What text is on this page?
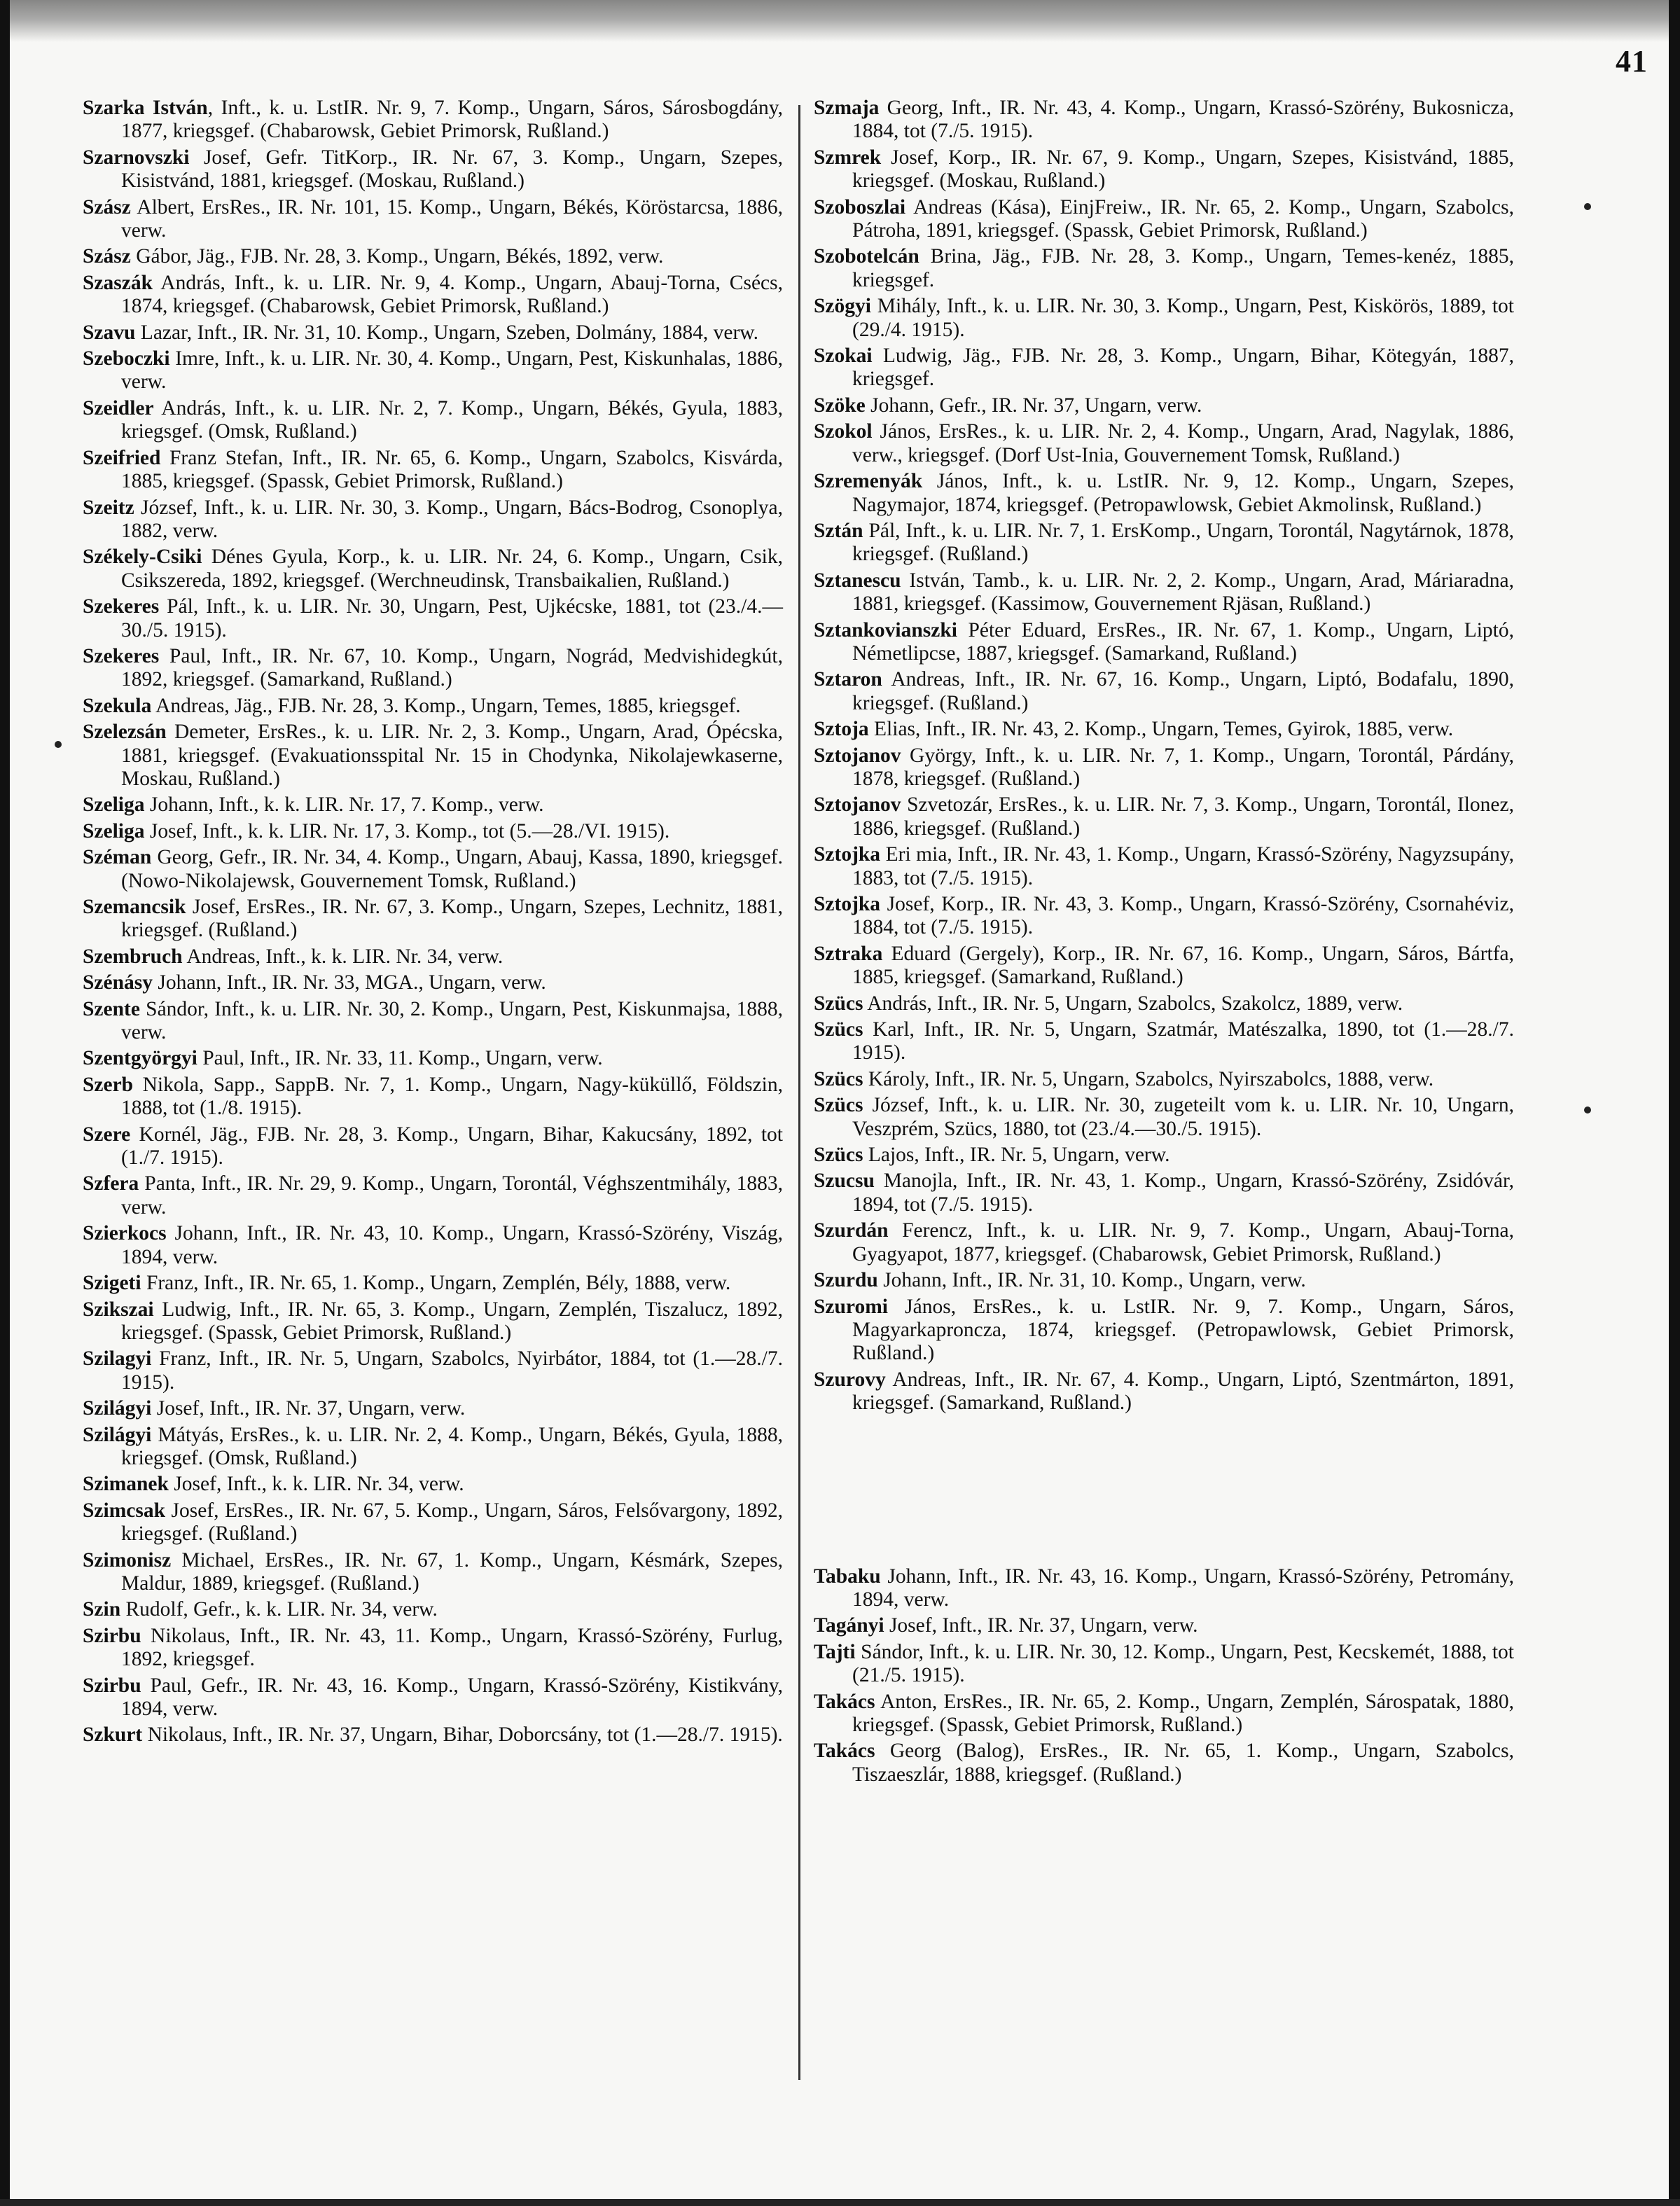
41

Szarka István, Inft., k. u. LstIR. Nr. 9, 7. Komp., Ungarn, Sáros, Sárosbogdány, 1877, kriegsgef. (Chabarowsk, Gebiet Primorsk, Rußland.)

Szarnovszki Josef, Gefr. TitKorp., IR. Nr. 67, 3. Komp., Ungarn, Szepes, Kisistvánd, 1881, kriegsgef. (Moskau, Rußland.)

Szász Albert, ErsRes., IR. Nr. 101, 15. Komp., Ungarn, Békés, Köröstarcsa, 1886, verw.

Szász Gábor, Jäg., FJB. Nr. 28, 3. Komp., Ungarn, Békés, 1892, verw.

Szaszák András, Inft., k. u. LIR. Nr. 9, 4. Komp., Ungarn, Abauj-Torna, Csécs, 1874, kriegsgef. (Chabarowsk, Gebiet Primorsk, Rußland.)

Szavu Lazar, Inft., IR. Nr. 31, 10. Komp., Ungarn, Szeben, Dolmány, 1884, verw.

Szeboczki Imre, Inft., k. u. LIR. Nr. 30, 4. Komp., Ungarn, Pest, Kiskunhalas, 1886, verw.

Szeidler András, Inft., k. u. LIR. Nr. 2, 7. Komp., Ungarn, Békés, Gyula, 1883, kriegsgef. (Omsk, Rußland.)

Szeifried Franz Stefan, Inft., IR. Nr. 65, 6. Komp., Ungarn, Szabolcs, Kisvárda, 1885, kriegsgef. (Spassk, Gebiet Primorsk, Rußland.)

Szeitz József, Inft., k. u. LIR. Nr. 30, 3. Komp., Ungarn, Bács-Bodrog, Csonoplya, 1882, verw.

Székely-Csiki Dénes Gyula, Korp., k. u. LIR. Nr. 24, 6. Komp., Ungarn, Csik, Csikszereda, 1892, kriegsgef. (Werchneudinsk, Transbaikalien, Rußland.)

Szekeres Pál, Inft., k. u. LIR. Nr. 30, Ungarn, Pest, Ujkécske, 1881, tot (23./4.—30./5. 1915).

Szekeres Paul, Inft., IR. Nr. 67, 10. Komp., Ungarn, Nográd, Medvishidegkút, 1892, kriegsgef. (Samarkand, Rußland.)

Szekula Andreas, Jäg., FJB. Nr. 28, 3. Komp., Ungarn, Temes, 1885, kriegsgef.

Szelezsán Demeter, ErsRes., k. u. LIR. Nr. 2, 3. Komp., Ungarn, Arad, Ópécska, 1881, kriegsgef. (Evakuationsspital Nr. 15 in Chodynka, Nikolajewkaserne, Moskau, Rußland.)

Szeliga Johann, Inft., k. k. LIR. Nr. 17, 7. Komp., verw.

Szeliga Josef, Inft., k. k. LIR. Nr. 17, 3. Komp., tot (5.—28./VI. 1915).

Széman Georg, Gefr., IR. Nr. 34, 4. Komp., Ungarn, Abauj, Kassa, 1890, kriegsgef. (Nowo-Nikolajewsk, Gouvernement Tomsk, Rußland.)

Szemancsik Josef, ErsRes., IR. Nr. 67, 3. Komp., Ungarn, Szepes, Lechnitz, 1881, kriegsgef. (Rußland.)

Szembruch Andreas, Inft., k. k. LIR. Nr. 34, verw.

Szénásy Johann, Inft., IR. Nr. 33, MGA., Ungarn, verw.

Szente Sándor, Inft., k. u. LIR. Nr. 30, 2. Komp., Ungarn, Pest, Kiskunmajsa, 1888, verw.

Szentgyörgyi Paul, Inft., IR. Nr. 33, 11. Komp., Ungarn, verw.

Szerb Nikola, Sapp., SappB. Nr. 7, 1. Komp., Ungarn, Nagy-küküllő, Földszin, 1888, tot (1./8. 1915).

Szere Kornél, Jäg., FJB. Nr. 28, 3. Komp., Ungarn, Bihar, Kakucsány, 1892, tot (1./7. 1915).

Szfera Panta, Inft., IR. Nr. 29, 9. Komp., Ungarn, Torontál, Véghszentmihály, 1883, verw.

Szierkocs Johann, Inft., IR. Nr. 43, 10. Komp., Ungarn, Krassó-Szörény, Viszág, 1894, verw.

Szigeti Franz, Inft., IR. Nr. 65, 1. Komp., Ungarn, Zemplén, Bély, 1888, verw.

Szikszai Ludwig, Inft., IR. Nr. 65, 3. Komp., Ungarn, Zemplén, Tiszalucz, 1892, kriegsgef. (Spassk, Gebiet Primorsk, Rußland.)

Szilagyi Franz, Inft., IR. Nr. 5, Ungarn, Szabolcs, Nyirbátor, 1884, tot (1.—28./7. 1915).

Szilágyi Josef, Inft., IR. Nr. 37, Ungarn, verw.

Szilágyi Mátyás, ErsRes., k. u. LIR. Nr. 2, 4. Komp., Ungarn, Békés, Gyula, 1888, kriegsgef. (Omsk, Rußland.)

Szimanek Josef, Inft., k. k. LIR. Nr. 34, verw.

Szimcsak Josef, ErsRes., IR. Nr. 67, 5. Komp., Ungarn, Sáros, Felsővargony, 1892, kriegsgef. (Rußland.)

Szimonisz Michael, ErsRes., IR. Nr. 67, 1. Komp., Ungarn, Késmárk, Szepes, Maldur, 1889, kriegsgef. (Rußland.)

Szin Rudolf, Gefr., k. k. LIR. Nr. 34, verw.

Szirbu Nikolaus, Inft., IR. Nr. 43, 11. Komp., Ungarn, Krassó-Szörény, Furlug, 1892, kriegsgef.

Szirbu Paul, Gefr., IR. Nr. 43, 16. Komp., Ungarn, Krassó-Szörény, Kistikvány, 1894, verw.

Szkurt Nikolaus, Inft., IR. Nr. 37, Ungarn, Bihar, Doborcsány, tot (1.—28./7. 1915).

Szmaja Georg, Inft., IR. Nr. 43, 4. Komp., Ungarn, Krassó-Szörény, Bukosnicza, 1884, tot (7./5. 1915).

Szmrek Josef, Korp., IR. Nr. 67, 9. Komp., Ungarn, Szepes, Kisistvánd, 1885, kriegsgef. (Moskau, Rußland.)

Szoboszlai Andreas (Kása), EinjFreiw., IR. Nr. 65, 2. Komp., Ungarn, Szabolcs, Pátroha, 1891, kriegsgef. (Spassk, Gebiet Primorsk, Rußland.)

Szobotelcán Brina, Jäg., FJB. Nr. 28, 3. Komp., Ungarn, Temes-kenéz, 1885, kriegsgef.

Szögyi Mihály, Inft., k. u. LIR. Nr. 30, 3. Komp., Ungarn, Pest, Kiskörös, 1889, tot (29./4. 1915).

Szokai Ludwig, Jäg., FJB. Nr. 28, 3. Komp., Ungarn, Bihar, Kötegyán, 1887, kriegsgef.

Szöke Johann, Gefr., IR. Nr. 37, Ungarn, verw.

Szokol János, ErsRes., k. u. LIR. Nr. 2, 4. Komp., Ungarn, Arad, Nagylak, 1886, verw., kriegsgef. (Dorf Ust-Inia, Gouvernement Tomsk, Rußland.)

Szremenyák János, Inft., k. u. LstIR. Nr. 9, 12. Komp., Ungarn, Szepes, Nagymajor, 1874, kriegsgef. (Petropawlowsk, Gebiet Akmolinsk, Rußland.)

Sztán Pál, Inft., k. u. LIR. Nr. 7, 1. ErsKomp., Ungarn, Torontál, Nagytárnok, 1878, kriegsgef. (Rußland.)

Sztanescu István, Tamb., k. u. LIR. Nr. 2, 2. Komp., Ungarn, Arad, Máriaradna, 1881, kriegsgef. (Kassimow, Gouvernement Rjäsan, Rußland.)

Sztankovianszki Péter Eduard, ErsRes., IR. Nr. 67, 1. Komp., Ungarn, Liptó, Németlipcse, 1887, kriegsgef. (Samarkand, Rußland.)

Sztaron Andreas, Inft., IR. Nr. 67, 16. Komp., Ungarn, Liptó, Bodafalu, 1890, kriegsgef. (Rußland.)

Sztoja Elias, Inft., IR. Nr. 43, 2. Komp., Ungarn, Temes, Gyirok, 1885, verw.

Sztojanov György, Inft., k. u. LIR. Nr. 7, 1. Komp., Ungarn, Torontál, Párdány, 1878, kriegsgef. (Rußland.)

Sztojanov Szvetozár, ErsRes., k. u. LIR. Nr. 7, 3. Komp., Ungarn, Torontál, Ilonez, 1886, kriegsgef. (Rußland.)

Sztojka Eri mia, Inft., IR. Nr. 43, 1. Komp., Ungarn, Krassó-Szörény, Nagyzsupány, 1883, tot (7./5. 1915).

Sztojka Josef, Korp., IR. Nr. 43, 3. Komp., Ungarn, Krassó-Szörény, Csornahéviz, 1884, tot (7./5. 1915).

Sztraka Eduard (Gergely), Korp., IR. Nr. 67, 16. Komp., Ungarn, Sáros, Bártfa, 1885, kriegsgef. (Samarkand, Rußland.)

Szücs András, Inft., IR. Nr. 5, Ungarn, Szabolcs, Szakolcz, 1889, verw.

Szücs Karl, Inft., IR. Nr. 5, Ungarn, Szatmár, Matészalka, 1890, tot (1.—28./7. 1915).

Szücs Károly, Inft., IR. Nr. 5, Ungarn, Szabolcs, Nyirszabolcs, 1888, verw.

Szücs József, Inft., k. u. LIR. Nr. 30, zugeteilt vom k. u. LIR. Nr. 10, Ungarn, Veszprém, Szücs, 1880, tot (23./4.—30./5. 1915).

Szücs Lajos, Inft., IR. Nr. 5, Ungarn, verw.

Szucsu Manojla, Inft., IR. Nr. 43, 1. Komp., Ungarn, Krassó-Szörény, Zsidóvár, 1894, tot (7./5. 1915).

Szurdán Ferencz, Inft., k. u. LIR. Nr. 9, 7. Komp., Ungarn, Abauj-Torna, Gyagyapot, 1877, kriegsgef. (Chabarowsk, Gebiet Primorsk, Rußland.)

Szurdu Johann, Inft., IR. Nr. 31, 10. Komp., Ungarn, verw.

Szuromi János, ErsRes., k. u. LstIR. Nr. 9, 7. Komp., Ungarn, Sáros, Magyarkaproncza, 1874, kriegsgef. (Petropawlowsk, Gebiet Primorsk, Rußland.)

Szurovy Andreas, Inft., IR. Nr. 67, 4. Komp., Ungarn, Liptó, Szentmárton, 1891, kriegsgef. (Samarkand, Rußland.)

Tabaku Johann, Inft., IR. Nr. 43, 16. Komp., Ungarn, Krassó-Szörény, Petromány, 1894, verw.

Tagányi Josef, Inft., IR. Nr. 37, Ungarn, verw.

Tajti Sándor, Inft., k. u. LIR. Nr. 30, 12. Komp., Ungarn, Pest, Kecskemét, 1888, tot (21./5. 1915).

Takács Anton, ErsRes., IR. Nr. 65, 2. Komp., Ungarn, Zemplén, Sárospatak, 1880, kriegsgef. (Spassk, Gebiet Primorsk, Rußland.)

Takács Georg (Balog), ErsRes., IR. Nr. 65, 1. Komp., Ungarn, Szabolcs, Tiszaeszlár, 1888, kriegsgef. (Rußland.)
